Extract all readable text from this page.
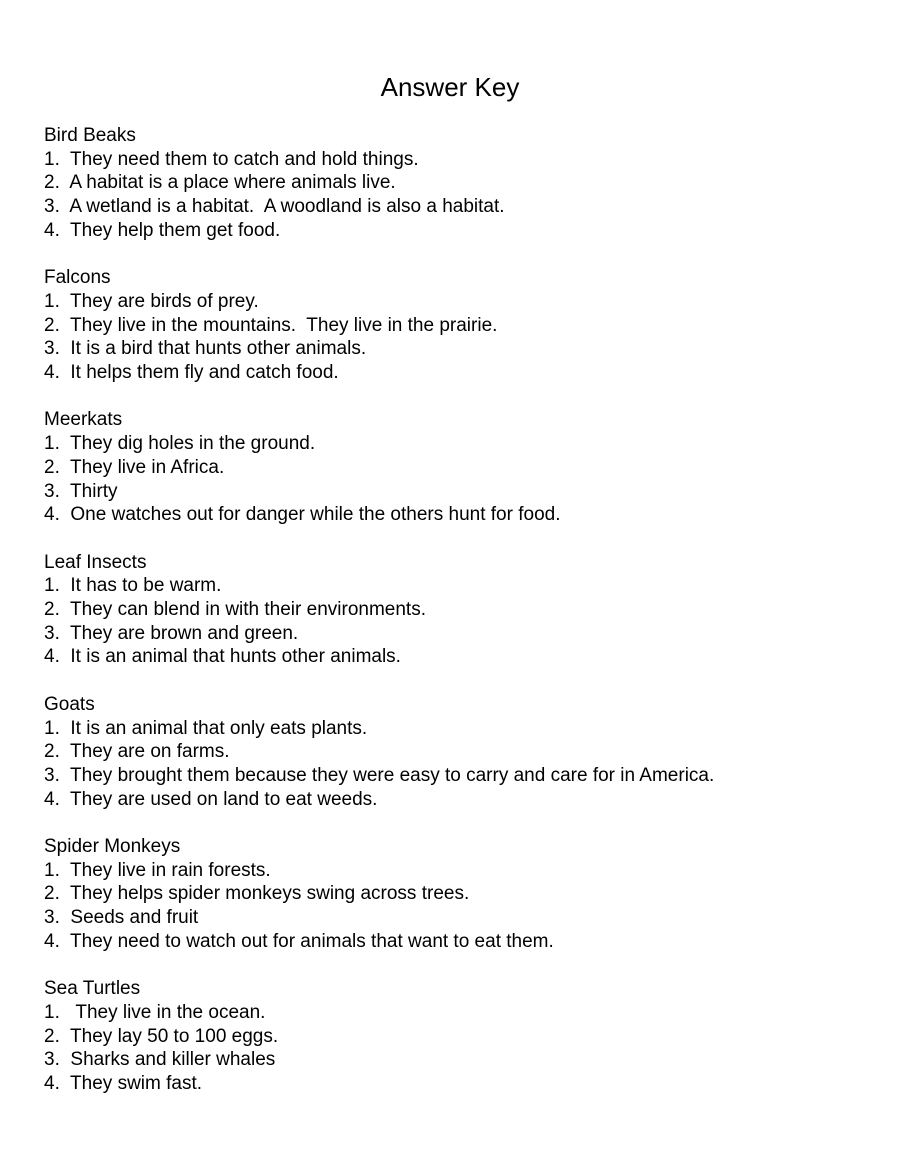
Answer Key
Bird Beaks
1.  They need them to catch and hold things.
2.  A habitat is a place where animals live.
3.  A wetland is a habitat.  A woodland is also a habitat.
4.  They help them get food.
Falcons
1.  They are birds of prey.
2.  They live in the mountains.  They live in the prairie.
3.  It is a bird that hunts other animals.
4.  It helps them fly and catch food.
Meerkats
1.  They dig holes in the ground.
2.  They live in Africa.
3.  Thirty
4.  One watches out for danger while the others hunt for food.
Leaf Insects
1.  It has to be warm.
2.  They can blend in with their environments.
3.  They are brown and green.
4.  It is an animal that hunts other animals.
Goats
1.  It is an animal that only eats plants.
2.  They are on farms.
3.  They brought them because they were easy to carry and care for in America.
4.  They are used on land to eat weeds.
Spider Monkeys
1.  They live in rain forests.
2.  They helps spider monkeys swing across trees.
3.  Seeds and fruit
4.  They need to watch out for animals that want to eat them.
Sea Turtles
1.   They live in the ocean.
2.  They lay 50 to 100 eggs.
3.  Sharks and killer whales
4.  They swim fast.
